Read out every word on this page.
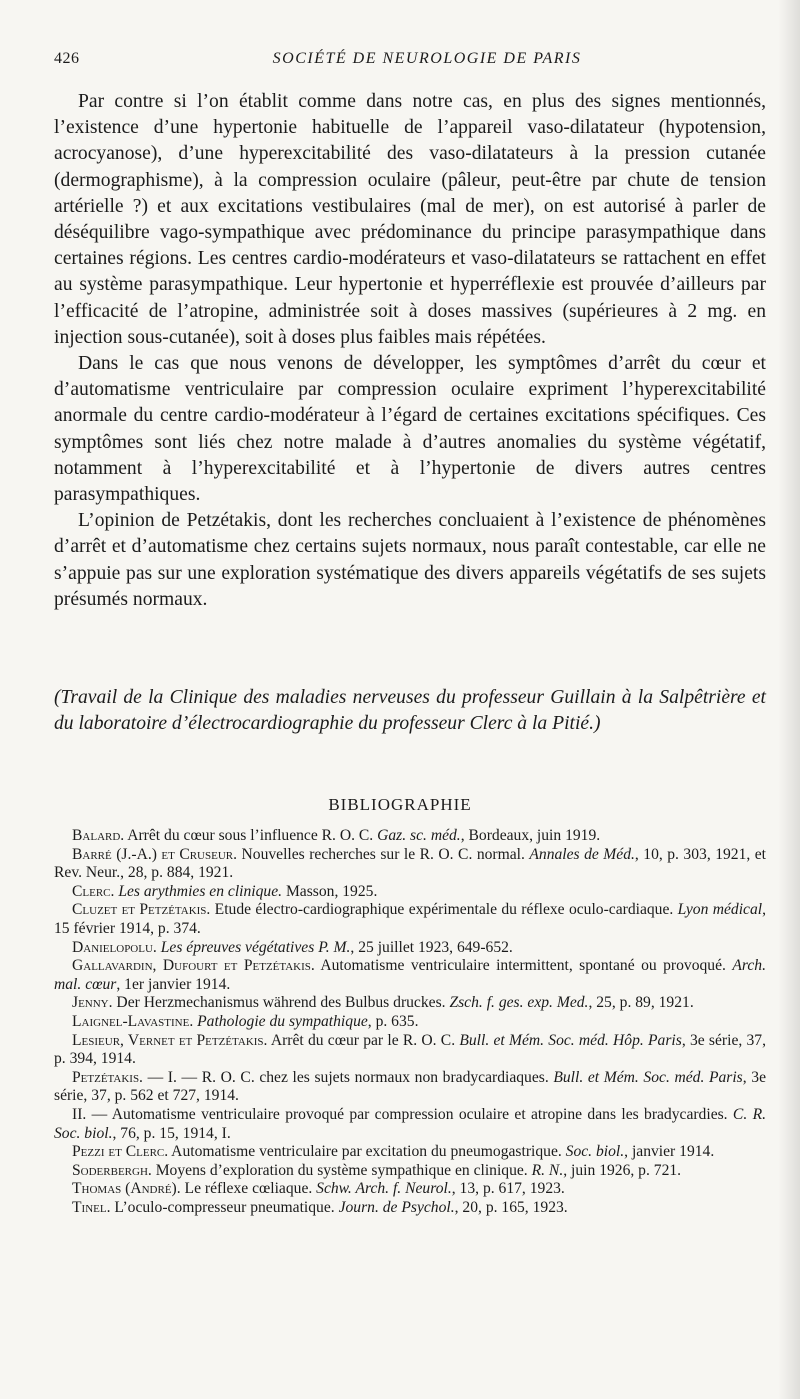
426	SOCIÉTÉ DE NEUROLOGIE DE PARIS

Par contre si l’on établit comme dans notre cas, en plus des signes mentionnés, l’existence d’une hypertonie habituelle de l’appareil vaso-dilatateur (hypotension, acrocyanose), d’une hyperexcitabilité des vaso-dilatateurs à la pression cutanée (dermographisme), à la compression oculaire (pâleur, peut-être par chute de tension artérielle ?) et aux excitations vestibulaires (mal de mer), on est autorisé à parler de déséquilibre vago-sympathique avec prédominance du principe parasympathique dans certaines régions. Les centres cardio-modérateurs et vaso-dilatateurs se rattachent en effet au système parasympathique. Leur hypertonie et hyperréflexie est prouvée d’ailleurs par l’efficacité de l’atropine, administrée soit à doses massives (supérieures à 2 mg. en injection sous-cutanée), soit à doses plus faibles mais répétées.

Dans le cas que nous venons de développer, les symptômes d’arrêt du cœur et d’automatisme ventriculaire par compression oculaire expriment l’hyperexcitabilité anormale du centre cardio-modérateur à l’égard de certaines excitations spécifiques. Ces symptômes sont liés chez notre malade à d’autres anomalies du système végétatif, notamment à l’hyperexcitabilité et à l’hypertonie de divers autres centres parasympathiques.

L’opinion de Petzétakis, dont les recherches concluaient à l’existence de phénomènes d’arrêt et d’automatisme chez certains sujets normaux, nous paraît contestable, car elle ne s’appuie pas sur une exploration systématique des divers appareils végétatifs de ses sujets présumés normaux.

(Travail de la Clinique des maladies nerveuses du professeur Guillain à la Salpêtrière et du laboratoire d’électrocardiographie du professeur Clerc à la Pitié.)
BIBLIOGRAPHIE

Balard. Arrêt du cœur sous l’influence R. O. C. Gaz. sc. méd., Bordeaux, juin 1919.

Barré (J.-A.) et Cruseur. Nouvelles recherches sur le R. O. C. normal. Annales de Méd., 10, p. 303, 1921, et Rev. Neur., 28, p. 884, 1921.

Clerc. Les arythmies en clinique. Masson, 1925.

Cluzet et Petzétakis. Etude électro-cardiographique expérimentale du réflexe oculo-cardiaque. Lyon médical, 15 février 1914, p. 374.

Danielopolu. Les épreuves végétatives P. M., 25 juillet 1923, 649-652.

Gallavardin, Dufourt et Petzétakis. Automatisme ventriculaire intermittent, spontané ou provoqué. Arch. mal. cœur, 1er janvier 1914.

Jenny. Der Herzmechanismus während des Bulbus druckes. Zsch. f. ges. exp. Med., 25, p. 89, 1921.

Laignel-Lavastine. Pathologie du sympathique, p. 635.

Lesieur, Vernet et Petzétakis. Arrêt du cœur par le R. O. C. Bull. et Mém. Soc. méd. Hôp. Paris, 3e série, 37, p. 394, 1914.

Petzétakis. — I. — R. O. C. chez les sujets normaux non bradycardiaques. Bull. et Mém. Soc. méd. Paris, 3e série, 37, p. 562 et 727, 1914.

II. — Automatisme ventriculaire provoqué par compression oculaire et atropine dans les bradycardies. C. R. Soc. biol., 76, p. 15, 1914, I.

Pezzi et Clerc. Automatisme ventriculaire par excitation du pneumogastrique. Soc. biol., janvier 1914.

Soderbergh. Moyens d’exploration du système sympathique en clinique. R. N., juin 1926, p. 721.

Thomas (André). Le réflexe cœliaque. Schw. Arch. f. Neurol., 13, p. 617, 1923.

Tinel. L’oculo-compresseur pneumatique. Journ. de Psychol., 20, p. 165, 1923.
